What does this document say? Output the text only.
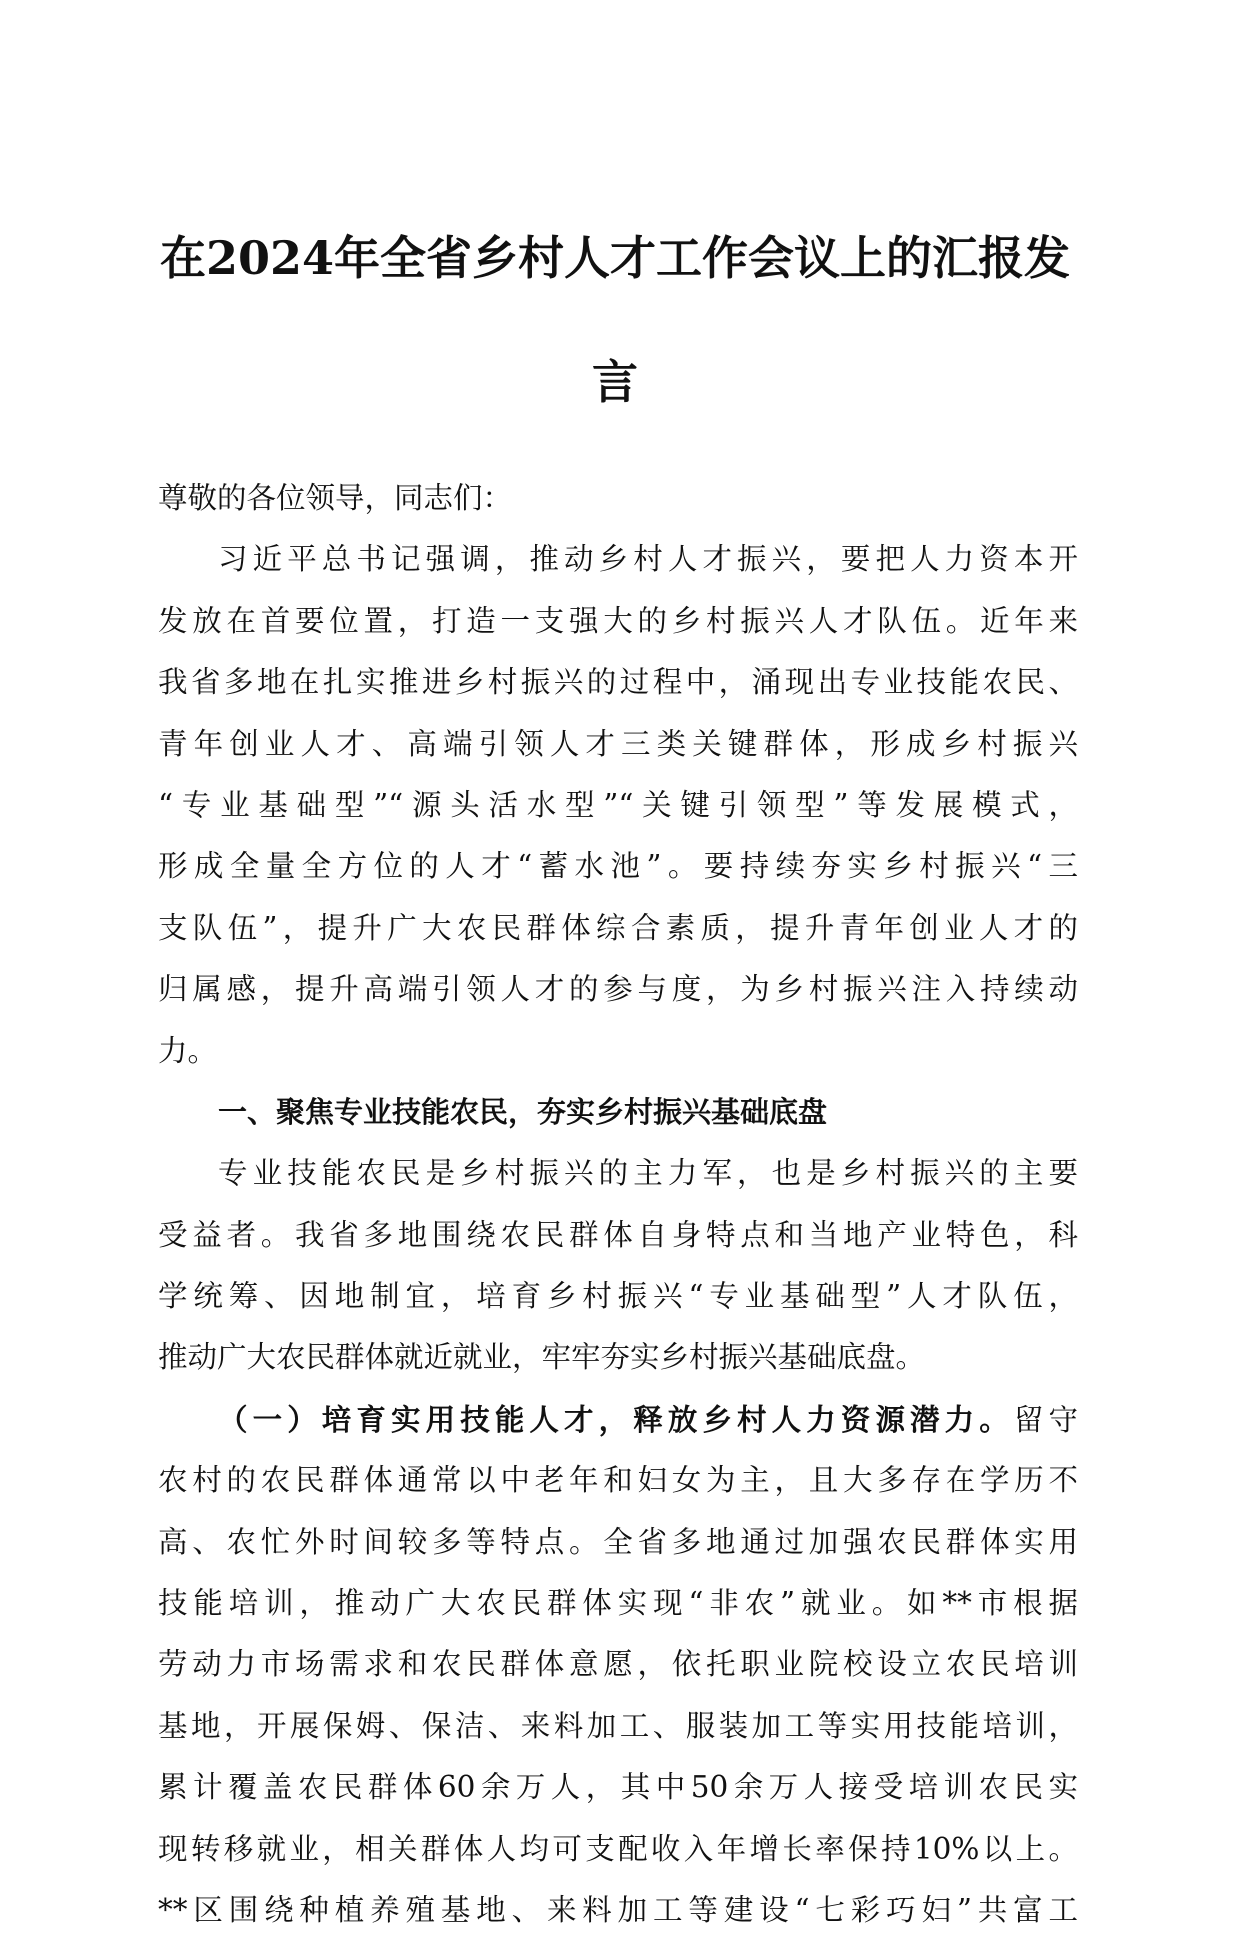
在2024年全省乡村人才工作会议上的汇报发
言
尊敬的各位领导，同志们：
习近平总书记强调，推动乡村人才振兴，要把人力资本开
发放在首要位置，打造一支强大的乡村振兴人才队伍。近年来
我省多地在扎实推进乡村振兴的过程中，涌现出专业技能农民、
青年创业人才、高端引领人才三类关键群体，形成乡村振兴
“专业基础型”“源头活水型”“关键引领型”等发展模式，
形成全量全方位的人才“蓄水池”。要持续夯实乡村振兴“三
支队伍”，提升广大农民群体综合素质，提升青年创业人才的
归属感，提升高端引领人才的参与度，为乡村振兴注入持续动
力。
一、聚焦专业技能农民，夯实乡村振兴基础底盘
专业技能农民是乡村振兴的主力军，也是乡村振兴的主要
受益者。我省多地围绕农民群体自身特点和当地产业特色，科
学统筹、因地制宜，培育乡村振兴“专业基础型”人才队伍，
推动广大农民群体就近就业，牢牢夯实乡村振兴基础底盘。
（一）培育实用技能人才，释放乡村人力资源潜力。留守
农村的农民群体通常以中老年和妇女为主，且大多存在学历不
高、农忙外时间较多等特点。全省多地通过加强农民群体实用
技能培训，推动广大农民群体实现“非农”就业。如**市根据
劳动力市场需求和农民群体意愿，依托职业院校设立农民培训
基地，开展保姆、保洁、来料加工、服装加工等实用技能培训，
累计覆盖农民群体60余万人，其中50余万人接受培训农民实
现转移就业，相关群体人均可支配收入年增长率保持10%以上。
**区围绕种植养殖基地、来料加工等建设“七彩巧妇”共富工
